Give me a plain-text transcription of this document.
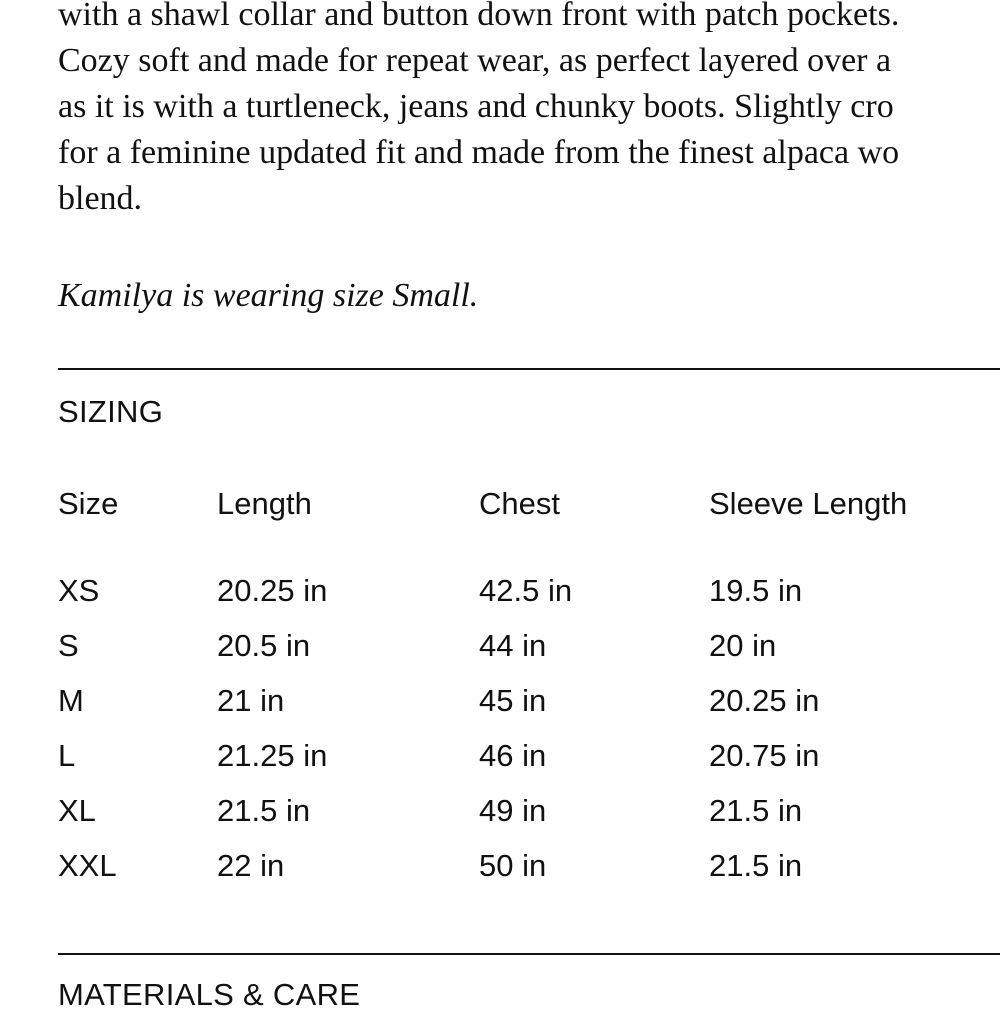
with a shawl collar and button down front with patch pockets.
Cozy soft and made for repeat wear, as perfect layered over a
as it is with a turtleneck, jeans and chunky boots. Slightly cro
for a feminine updated fit and made from the finest alpaca wo
blend.

Kamilya is wearing size Small.

SIZING
Size	Length	Chest	Sleeve Length
XS	20.25 in	42.5 in	19.5 in
S	20.5 in	44 in	20 in
M	21 in	45 in	20.25 in
L	21.25 in	46 in	20.75 in
XL	21.5 in	49 in	21.5 in
XXL	22 in	50 in	21.5 in
MATERIALS & CARE
